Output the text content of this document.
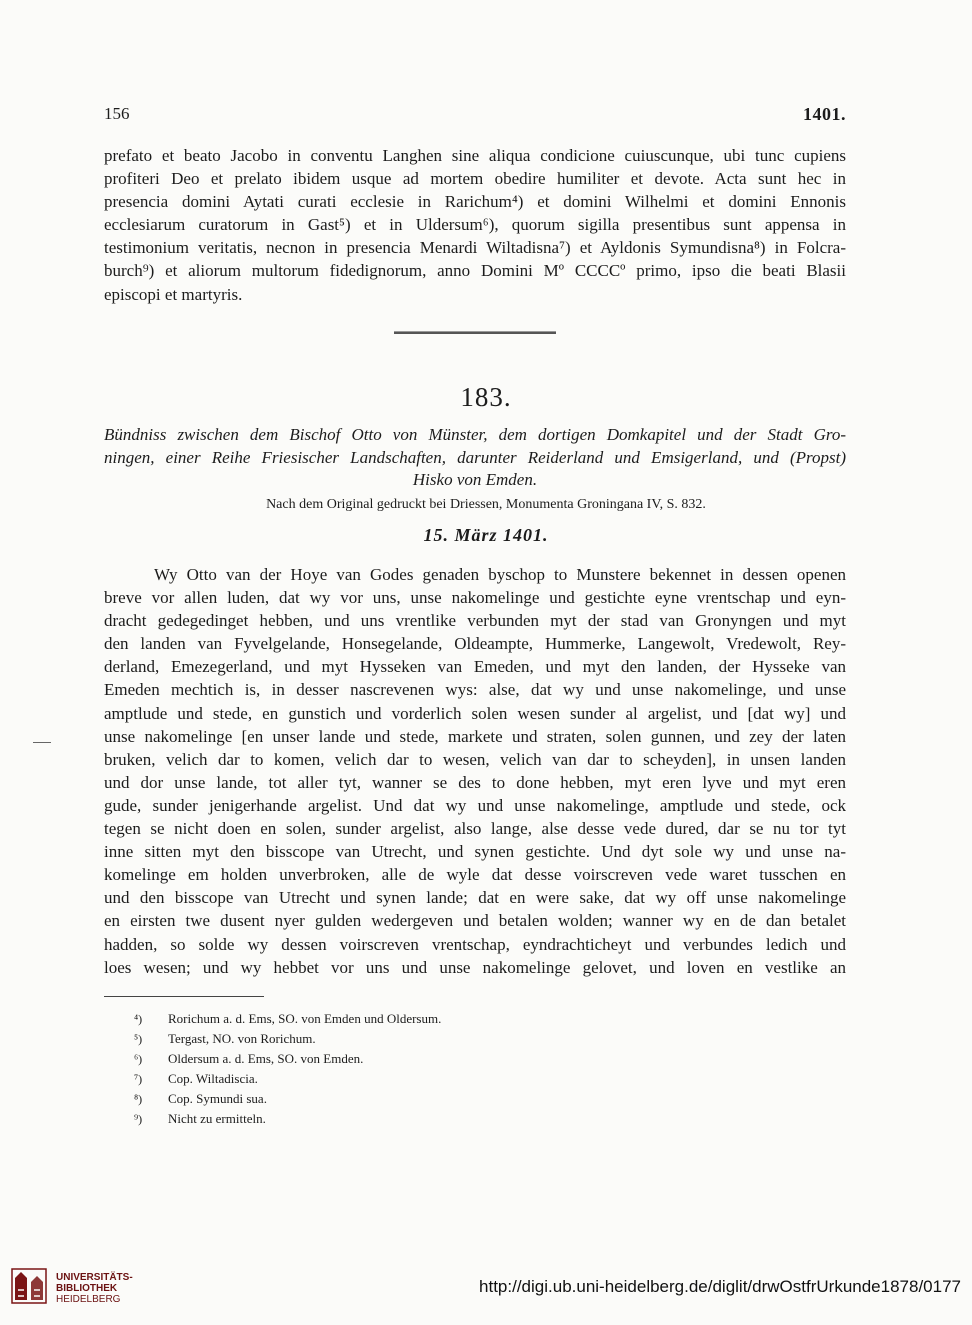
156	1401.
prefato et beato Jacobo in conventu Langhen sine aliqua condicione cuiuscunque, ubi tunc cupiens
profiteri Deo et prelato ibidem usque ad mortem obedire humiliter et devote. Acta sunt hec in
presencia domini Aytati curati ecclesie in Rarichum⁴) et domini Wilhelmi et domini Ennonis
ecclesiarum curatorum in Gast⁵) et in Uldersum⁶), quorum sigilla presentibus sunt appensa in
testimonium veritatis, necnon in presencia Menardi Wiltadisna⁷) et Ayldonis Symundisna⁸) in Folcra-
burch⁹) et aliorum multorum fidedignorum, anno Domini Mº CCCCº primo, ipso die beati Blasii
episcopi et martyris.
183.
Bündniss zwischen dem Bischof Otto von Münster, dem dortigen Domkapitel und der Stadt Gro-
ningen, einer Reihe Friesischer Landschaften, darunter Reiderland und Emsigerland, und (Propst)
Hisko von Emden.
Nach dem Original gedruckt bei Driessen, Monumenta Groningana IV, S. 832.
15. März 1401.
Wy Otto van der Hoye van Godes genaden byschop to Munstere bekennet in dessen openen
breve vor allen luden, dat wy vor uns, unse nakomelinge und gestichte eyne vrentschap und eyn-
dracht gedegedinget hebben, und uns vrentlike verbunden myt der stad van Gronyngen und myt
den landen van Fyvelgelande, Honsegelande, Oldeampte, Hummerke, Langewolt, Vredewolt, Rey-
derland, Emezegerland, und myt Hysseken van Emeden, und myt den landen, der Hysseke van
Emeden mechtich is, in desser nascrevenen wys: alse, dat wy und unse nakomelinge, und unse
amptlude und stede, en gunstich und vorderlich solen wesen sunder al argelist, und [dat wy] und
unse nakomelinge [en unser lande und stede, markete und straten, solen gunnen, und zey der laten
bruken, velich dar to komen, velich dar to wesen, velich van dar to scheyden], in unsen landen
und dor unse lande, tot aller tyt, wanner se des to done hebben, myt eren lyve und myt eren
gude, sunder jenigerhande argelist. Und dat wy und unse nakomelinge, amptlude und stede, ock
tegen se nicht doen en solen, sunder argelist, also lange, alse desse vede dured, dar se nu tor tyt
inne sitten myt den bisscope van Utrecht, und synen gestichte. Und dyt sole wy und unse na-
komelinge em holden unverbroken, alle de wyle dat desse voirscreven vede waret tusschen en
und den bisscope van Utrecht und synen lande; dat en were sake, dat wy off unse nakomelinge
en eirsten twe dusent nyer gulden wedergeven und betalen wolden; wanner wy en de dan betalet
hadden, so solde wy dessen voirscreven vrentschap, eyndrachticheyt und verbundes ledich und
loes wesen; und wy hebbet vor uns und unse nakomelinge gelovet, und loven en vestlike an
⁴) Rorichum a. d. Ems, SO. von Emden und Oldersum.
⁵) Tergast, NO. von Rorichum.
⁶) Oldersum a. d. Ems, SO. von Emden.
⁷) Cop. Wiltadiscia.
⁸) Cop. Symundi sua.
⁹) Nicht zu ermitteln.
UNIVERSITÄTS-
BIBLIOTHEK
HEIDELBERG
http://digi.ub.uni-heidelberg.de/diglit/drwOstfrUrkunde1878/0177
